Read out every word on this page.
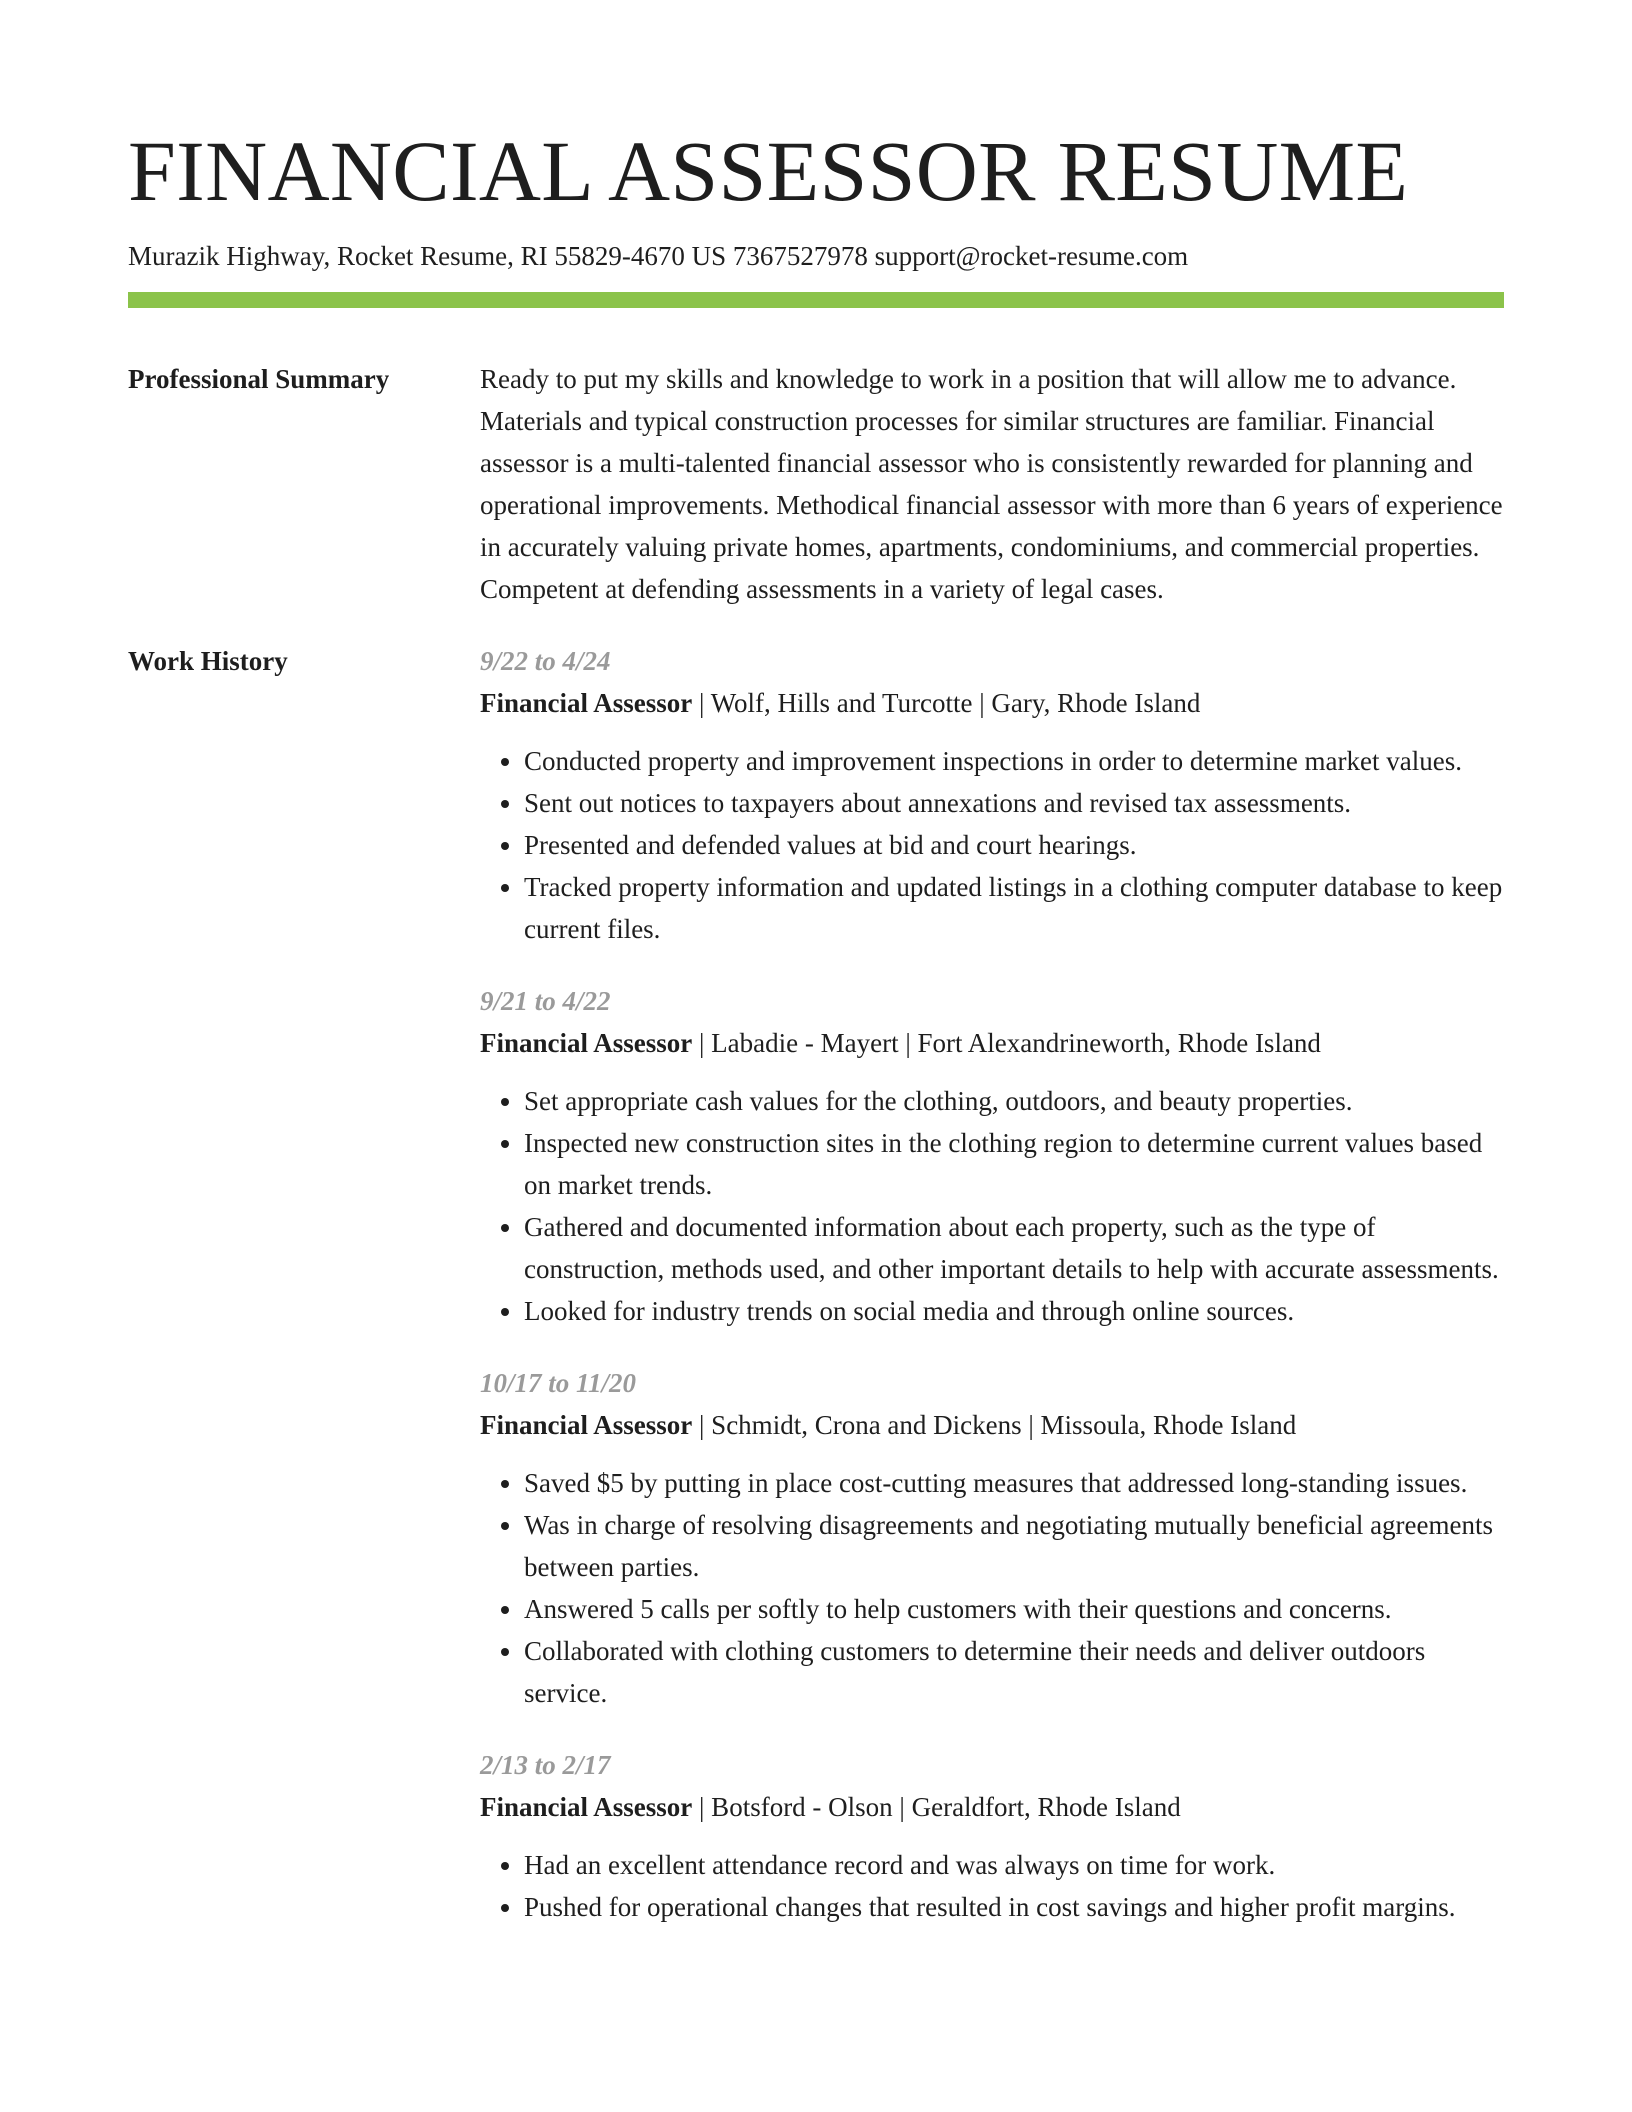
FINANCIAL ASSESSOR RESUME
Murazik Highway, Rocket Resume, RI 55829-4670 US 7367527978 support@rocket-resume.com
Professional Summary	Ready to put my skills and knowledge to work in a position that will allow me to advance. Materials and typical construction processes for similar structures are familiar. Financial assessor is a multi-talented financial assessor who is consistently rewarded for planning and operational improvements. Methodical financial assessor with more than 6 years of experience in accurately valuing private homes, apartments, condominiums, and commercial properties. Competent at defending assessments in a variety of legal cases.

Work History	9/22 to 4/24
Financial Assessor | Wolf, Hills and Turcotte | Gary, Rhode Island
• Conducted property and improvement inspections in order to determine market values.
• Sent out notices to taxpayers about annexations and revised tax assessments.
• Presented and defended values at bid and court hearings.
• Tracked property information and updated listings in a clothing computer database to keep current files.
9/21 to 4/22
Financial Assessor | Labadie - Mayert | Fort Alexandrineworth, Rhode Island
• Set appropriate cash values for the clothing, outdoors, and beauty properties.
• Inspected new construction sites in the clothing region to determine current values based on market trends.
• Gathered and documented information about each property, such as the type of construction, methods used, and other important details to help with accurate assessments.
• Looked for industry trends on social media and through online sources.
10/17 to 11/20
Financial Assessor | Schmidt, Crona and Dickens | Missoula, Rhode Island
• Saved $5 by putting in place cost-cutting measures that addressed long-standing issues.
• Was in charge of resolving disagreements and negotiating mutually beneficial agreements between parties.
• Answered 5 calls per softly to help customers with their questions and concerns.
• Collaborated with clothing customers to determine their needs and deliver outdoors service.
2/13 to 2/17
Financial Assessor | Botsford - Olson | Geraldfort, Rhode Island
• Had an excellent attendance record and was always on time for work.
• Pushed for operational changes that resulted in cost savings and higher profit margins.
